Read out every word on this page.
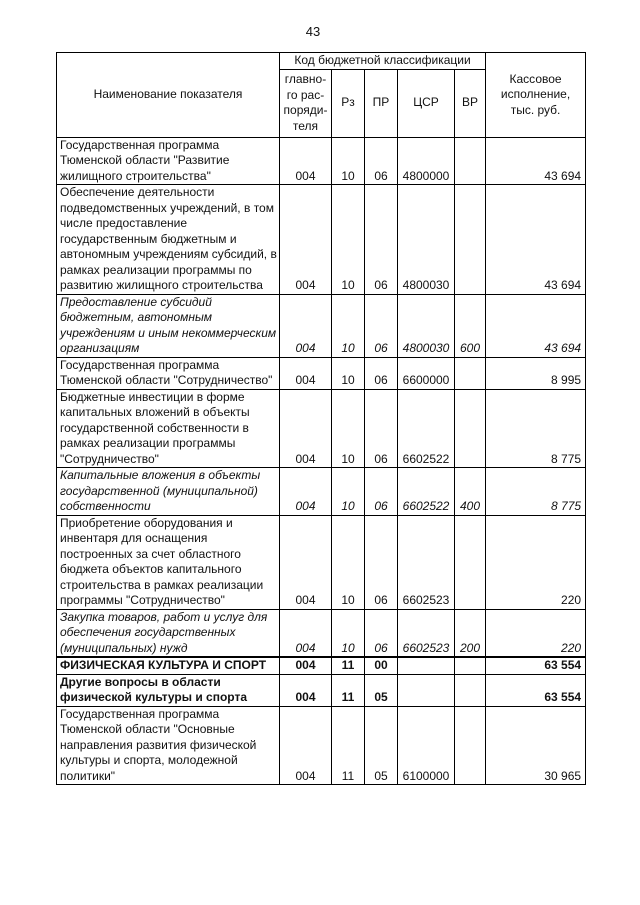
43
Наименование показателя	Код бюджетной классификации					Кассовое исполнение, тыс. руб.
	главно-го рас-поряди-теля	Рз	ПР	ЦСР	ВР	
Государственная программа Тюменской области "Развитие жилищного строительства"	004	10	06	4800000		43 694
Обеспечение деятельности подведомственных учреждений, в том числе предоставление государственным бюджетным и автономным учреждениям субсидий, в рамках реализации программы по развитию жилищного строительства	004	10	06	4800030		43 694
Предоставление субсидий бюджетным, автономным учреждениям и иным некоммерческим организациям	004	10	06	4800030	600	43 694
Государственная программа Тюменской области "Сотрудничество"	004	10	06	6600000		8 995
Бюджетные инвестиции в форме капитальных вложений в объекты государственной собственности в рамках реализации программы "Сотрудничество"	004	10	06	6602522		8 775
Капитальные вложения в объекты государственной (муниципальной) собственности	004	10	06	6602522	400	8 775
Приобретение оборудования и инвентаря для оснащения построенных за счет областного бюджета объектов капитального строительства в рамках реализации программы "Сотрудничество"	004	10	06	6602523		220
Закупка товаров, работ и услуг для обеспечения государственных (муниципальных) нужд	004	10	06	6602523	200	220
ФИЗИЧЕСКАЯ КУЛЬТУРА И СПОРТ	004	11	00			63 554
Другие вопросы в области физической культуры и спорта	004	11	05			63 554
Государственная программа Тюменской области "Основные направления развития физической культуры и спорта, молодежной политики"	004	11	05	6100000		30 965
